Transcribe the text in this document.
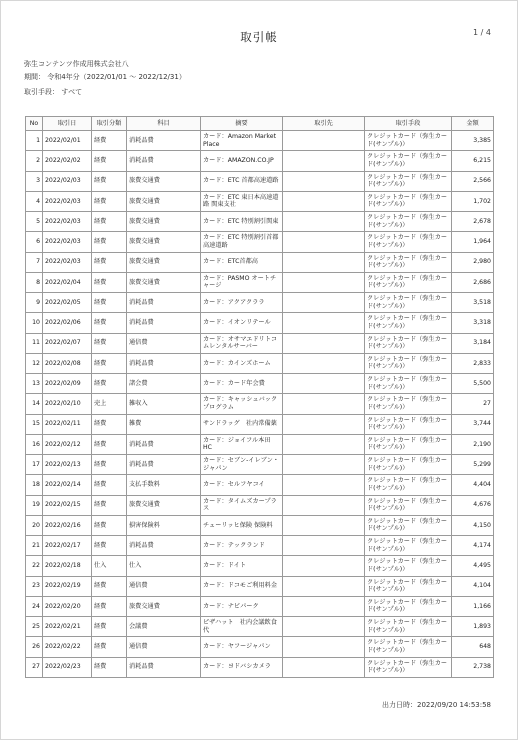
取引帳	1 / 4
弥生コンテンツ作成用株式会社八
期間： 令和4年分（2022/01/01 ～ 2022/12/31）
取引手段： すべて
No	取引日	取引分類	科目	摘要	取引先	取引手段	金額
1	2022/02/01	経費	消耗品費	カード：Amazon Market Place		クレジットカード（弥生カード(サンプル)）	3,385
2	2022/02/02	経費	消耗品費	カード：AMAZON.CO.JP		クレジットカード（弥生カード(サンプル)）	6,215
3	2022/02/03	経費	旅費交通費	カード：ETC 首都高速道路		クレジットカード（弥生カード(サンプル)）	2,566
4	2022/02/03	経費	旅費交通費	カード：ETC 東日本高速道路 関東支社		クレジットカード（弥生カード(サンプル)）	1,702
5	2022/02/03	経費	旅費交通費	カード：ETC 特別割引関東		クレジットカード（弥生カード(サンプル)）	2,678
6	2022/02/03	経費	旅費交通費	カード：ETC 特別割引首都高速道路		クレジットカード（弥生カード(サンプル)）	1,964
7	2022/02/03	経費	旅費交通費	カード：ETC首都高		クレジットカード（弥生カード(サンプル)）	2,980
8	2022/02/04	経費	旅費交通費	カード：PASMO オートチャージ		クレジットカード（弥生カード(サンプル)）	2,686
9	2022/02/05	経費	消耗品費	カード：アクアクララ		クレジットカード（弥生カード(サンプル)）	3,518
10	2022/02/06	経費	消耗品費	カード：イオンリテール		クレジットカード（弥生カード(サンプル)）	3,318
11	2022/02/07	経費	通信費	カード：オサマエドリトコムレンタルサーバー		クレジットカード（弥生カード(サンプル)）	3,184
12	2022/02/08	経費	消耗品費	カード：カインズホーム		クレジットカード（弥生カード(サンプル)）	2,833
13	2022/02/09	経費	諸会費	カード：カード年会費		クレジットカード（弥生カード(サンプル)）	5,500
14	2022/02/10	売上	雑収入	カード：キャッシュバックプログラム		クレジットカード（弥生カード(サンプル)）	27
15	2022/02/11	経費	雑費	サンドラッグ　社内常備薬		クレジットカード（弥生カード(サンプル)）	3,744
16	2022/02/12	経費	消耗品費	カード：ジョイフル本田 HC		クレジットカード（弥生カード(サンプル)）	2,190
17	2022/02/13	経費	消耗品費	カード：セブン-イレブン・ジャパン		クレジットカード（弥生カード(サンプル)）	5,299
18	2022/02/14	経費	支払手数料	カード：セルフヤコイ		クレジットカード（弥生カード(サンプル)）	4,404
19	2022/02/15	経費	旅費交通費	カード：タイムズカープラス		クレジットカード（弥生カード(サンプル)）	4,676
20	2022/02/16	経費	損害保険料	チューリッヒ保険 保険料		クレジットカード（弥生カード(サンプル)）	4,150
21	2022/02/17	経費	消耗品費	カード：テックランド		クレジットカード（弥生カード(サンプル)）	4,174
22	2022/02/18	仕入	仕入	カード：ドイト		クレジットカード（弥生カード(サンプル)）	4,495
23	2022/02/19	経費	通信費	カード：ドコモご利用料金		クレジットカード（弥生カード(サンプル)）	4,104
24	2022/02/20	経費	旅費交通費	カード：ナビパーク		クレジットカード（弥生カード(サンプル)）	1,166
25	2022/02/21	経費	会議費	ピザハット　社内会議飲食代		クレジットカード（弥生カード(サンプル)）	1,893
26	2022/02/22	経費	通信費	カード：ヤフージャパン		クレジットカード（弥生カード(サンプル)）	648
27	2022/02/23	経費	消耗品費	カード：ヨドバシカメラ		クレジットカード（弥生カード(サンプル)）	2,738
出力日時：2022/09/20 14:53:58
